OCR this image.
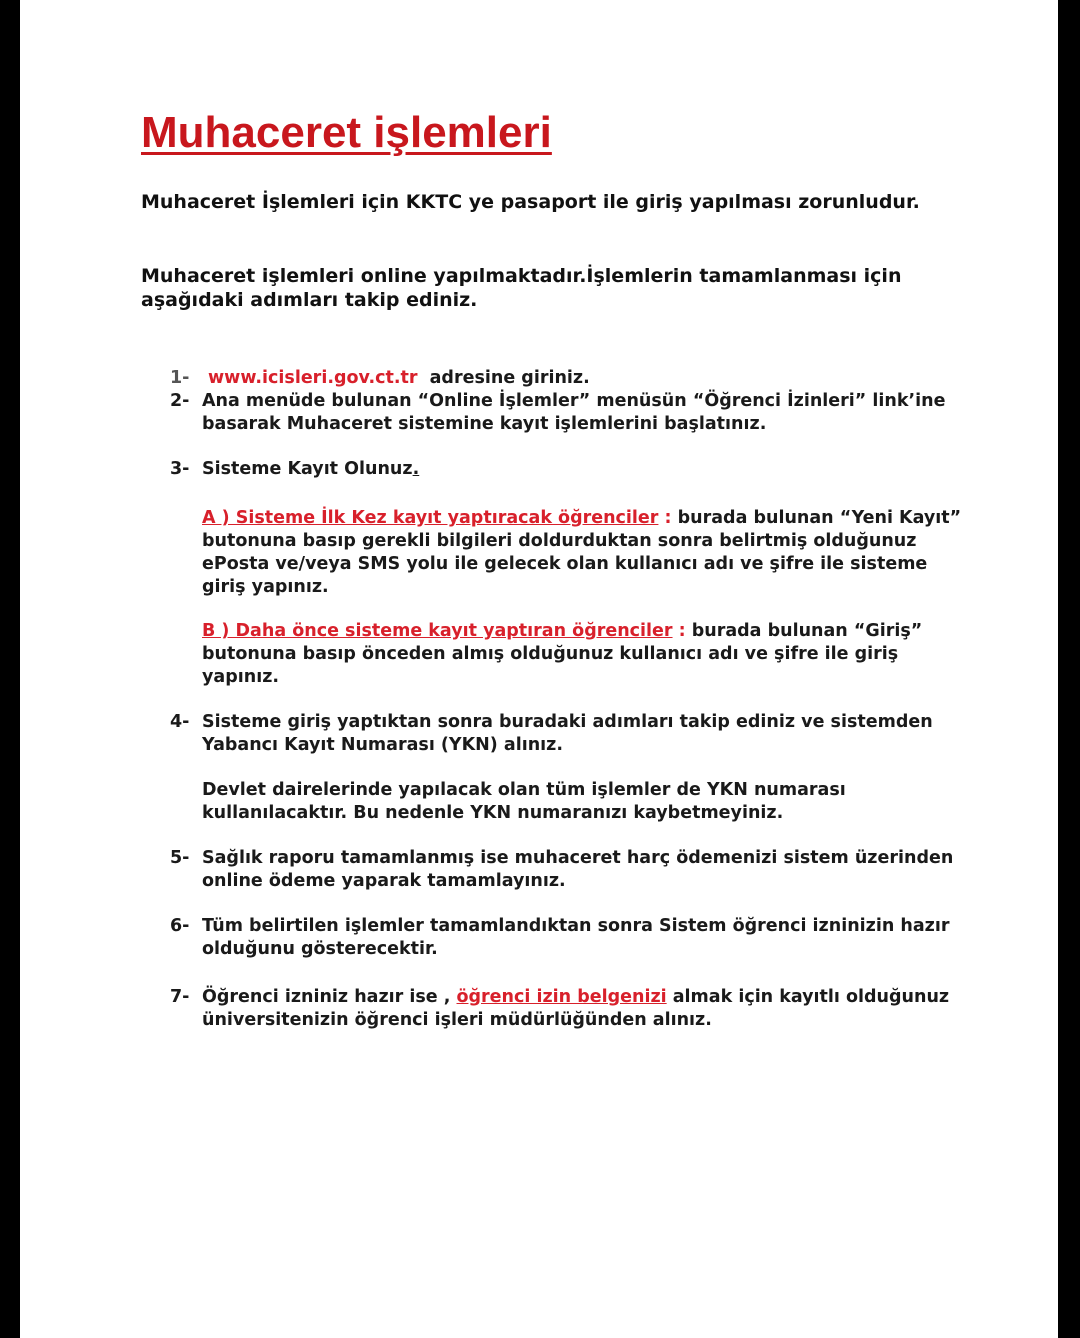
Muhaceret işlemleri

Muhaceret İşlemleri için KKTC ye pasaport ile giriş yapılması zorunludur.

Muhaceret işlemleri online yapılmaktadır.İşlemlerin tamamlanması için aşağıdaki adımları takip ediniz.

1-	www.icisleri.gov.ct.tr adresine giriniz.
2- Ana menüde bulunan “Online İşlemler” menüsün “Öğrenci İzinleri” link’ine basarak Muhaceret sistemine kayıt işlemlerini başlatınız.
3- Sisteme Kayıt Olunuz.
A ) Sisteme İlk Kez kayıt yaptıracak öğrenciler : burada bulunan “Yeni Kayıt” butonuna basıp gerekli bilgileri doldurduktan sonra belirtmiş olduğunuz ePosta ve/veya SMS yolu ile gelecek olan kullanıcı adı ve şifre ile sisteme giriş yapınız.
B ) Daha önce sisteme kayıt yaptıran öğrenciler : burada bulunan “Giriş” butonuna basıp önceden almış olduğunuz kullanıcı adı ve şifre ile giriş yapınız.
4- Sisteme giriş yaptıktan sonra buradaki adımları takip ediniz ve sistemden Yabancı Kayıt Numarası (YKN) alınız.
Devlet dairelerinde yapılacak olan tüm işlemler de YKN numarası kullanılacaktır. Bu nedenle YKN numaranızı kaybetmeyiniz.
5- Sağlık raporu tamamlanmış ise muhaceret harç ödemenizi sistem üzerinden online ödeme yaparak tamamlayınız.
6- Tüm belirtilen işlemler tamamlandıktan sonra Sistem öğrenci izninizin hazır olduğunu gösterecektir.
7- Öğrenci izniniz hazır ise , öğrenci izin belgenizi almak için kayıtlı olduğunuz üniversitenizin öğrenci işleri müdürlüğünden alınız.
